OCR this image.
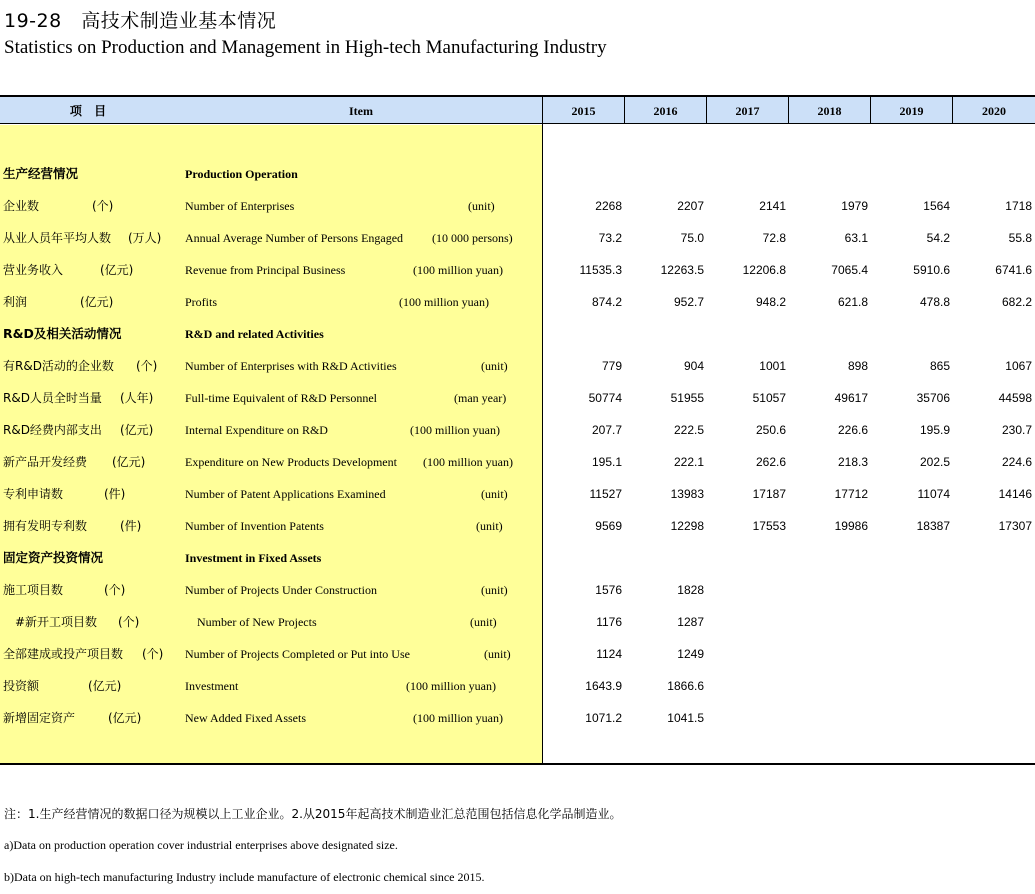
19-28　高技术制造业基本情况
Statistics on Production and Management in High-tech Manufacturing Industry
项 目	Item	2015	2016	2017	2018	2019	2020
生产经营情况	Production Operation
企业数	(个)	Number of Enterprises	(unit)	2268	2207	2141	1979	1564	1718
从业人员年平均人数 (万人) Annual Average Number of Persons Engaged (10 000 persons)	73.2	75.0	72.8	63.1	54.2	55.8
营业务收入	(亿元)	Revenue from Principal Business	(100 million yuan)	11535.3	12263.5	12206.8	7065.4	5910.6	6741.6
利润	(亿元)	Profits	(100 million yuan)	874.2	952.7	948.2	621.8	478.8	682.2
R&D及相关活动情况	R&D and related Activities
有R&D活动的企业数 (个) Number of Enterprises with R&D Activities	(unit)	779	904	1001	898	865	1067
R&D人员全时当量 (人年)	Full-time Equivalent of R&D Personnel	(man year)	50774	51955	51057	49617	35706	44598
R&D经费内部支出 (亿元)	Internal Expenditure on R&D	(100 million yuan)	207.7	222.5	250.6	226.6	195.9	230.7
新产品开发经费 (亿元)	Expenditure on New Products Development (100 million yuan)	195.1	222.1	262.6	218.3	202.5	224.6
专利申请数	(件)	Number of Patent Applications Examined	(unit)	11527	13983	17187	17712	11074	14146
拥有发明专利数	(件)	Number of Invention Patents	(unit)	9569	12298	17553	19986	18387	17307
固定资产投资情况	Investment in Fixed Assets
施工项目数	(个)	Number of Projects Under Construction	(unit)	1576	1828
#新开工项目数 (个)	Number of New Projects	(unit)	1176	1287
全部建成或投产项目数 (个) Number of Projects Completed or Put into Use	(unit)	1124	1249
投资额	(亿元)	Investment	(100 million yuan)	1643.9	1866.6
新增固定资产	(亿元)	New Added Fixed Assets	(100 million yuan)	1071.2	1041.5
注：1.生产经营情况的数据口径为规模以上工业企业。2.从2015年起高技术制造业汇总范围包括信息化学品制造业。
a)Data on production operation cover industrial enterprises above designated size.
b)Data on high-tech manufacturing Industry include manufacture of electronic chemical since 2015.
